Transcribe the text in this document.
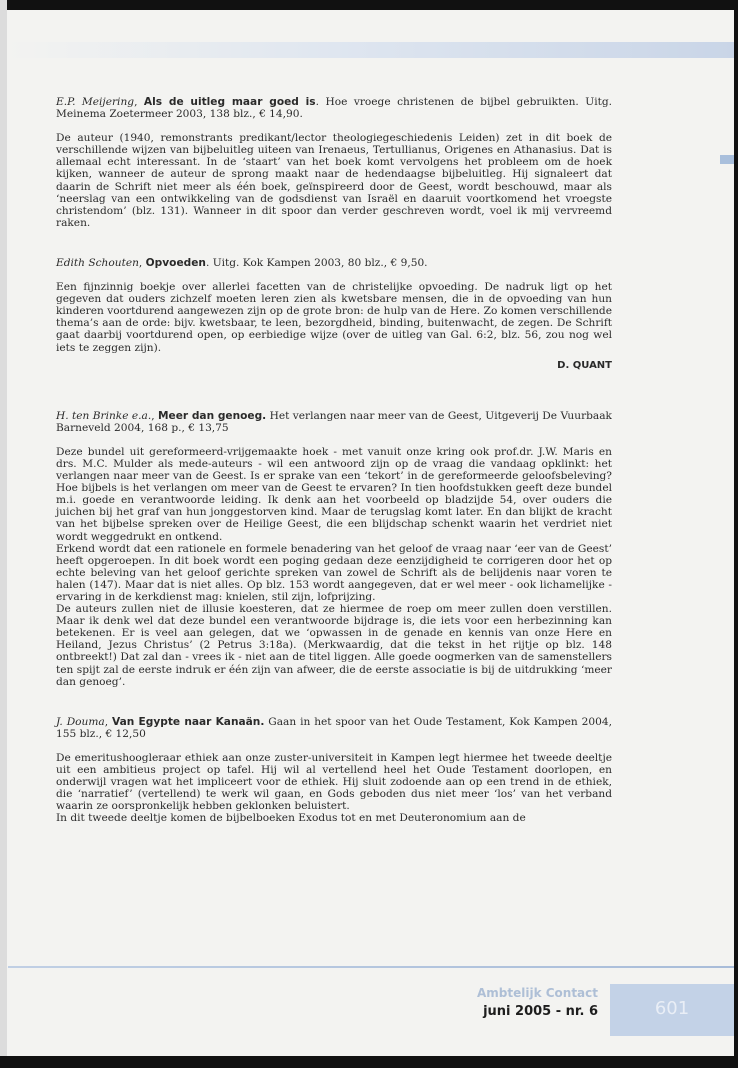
E.P. Meijering, Als de uitleg maar goed is. Hoe vroege christenen de bijbel gebruikten. Uitg. Meinema Zoetermeer 2003, 138 blz., € 14,90.

De auteur (1940, remonstrants predikant/lector theologiegeschiedenis Leiden) zet in dit boek de verschillende wijzen van bijbeluitleg uiteen van Irenaeus, Tertullianus, Origenes en Athanasius. Dat is allemaal echt interessant. In de ‘staart’ van het boek komt vervolgens het probleem om de hoek kijken, wanneer de auteur de sprong maakt naar de hedendaagse bijbeluitleg. Hij signaleert dat daarin de Schrift niet meer als één boek, geïnspireerd door de Geest, wordt beschouwd, maar als ‘neerslag van een ontwikkeling van de godsdienst van Israël en daaruit voortkomend het vroegste christendom’ (blz. 131). Wanneer in dit spoor dan verder geschreven wordt, voel ik mij vervreemd raken.

Edith Schouten, Opvoeden. Uitg. Kok Kampen 2003, 80 blz., € 9,50.

Een fijnzinnig boekje over allerlei facetten van de christelijke opvoeding. De nadruk ligt op het gegeven dat ouders zichzelf moeten leren zien als kwetsbare mensen, die in de opvoeding van hun kinderen voortdurend aangewezen zijn op de grote bron: de hulp van de Here. Zo komen verschillende thema’s aan de orde: bijv. kwetsbaar, te leen, bezorgdheid, binding, buitenwacht, de zegen. De Schrift gaat daarbij voortdurend open, op eerbiedige wijze (over de uitleg van Gal. 6:2, blz. 56, zou nog wel iets te zeggen zijn).

D. QUANT

H. ten Brinke e.a., Meer dan genoeg. Het verlangen naar meer van de Geest, Uitgeverij De Vuurbaak Barneveld 2004, 168 p., € 13,75

Deze bundel uit gereformeerd-vrijgemaakte hoek - met vanuit onze kring ook prof.dr. J.W. Maris en drs. M.C. Mulder als mede-auteurs - wil een antwoord zijn op de vraag die vandaag opklinkt: het verlangen naar meer van de Geest. Is er sprake van een ‘tekort’ in de gereformeerde geloofsbeleving? Hoe bijbels is het verlangen om meer van de Geest te ervaren? In tien hoofdstukken geeft deze bundel m.i. goede en verantwoorde leiding. Ik denk aan het voorbeeld op bladzijde 54, over ouders die juichen bij het graf van hun jonggestorven kind. Maar de terugslag komt later. En dan blijkt de kracht van het bijbelse spreken over de Heilige Geest, die een blijdschap schenkt waarin het verdriet niet wordt weggedrukt en ontkend.

Erkend wordt dat een rationele en formele benadering van het geloof de vraag naar ‘eer van de Geest’ heeft opgeroepen. In dit boek wordt een poging gedaan deze eenzijdigheid te corrigeren door het op echte beleving van het geloof gerichte spreken van zowel de Schrift als de belijdenis naar voren te halen (147). Maar dat is niet alles. Op blz. 153 wordt aangegeven, dat er wel meer - ook lichamelijke - ervaring in de kerkdienst mag: knielen, stil zijn, lofprijzing.

De auteurs zullen niet de illusie koesteren, dat ze hiermee de roep om meer zullen doen verstillen. Maar ik denk wel dat deze bundel een verantwoorde bijdrage is, die iets voor een herbezinning kan betekenen. Er is veel aan gelegen, dat we ‘opwassen in de genade en kennis van onze Here en Heiland, Jezus Christus’ (2 Petrus 3:18a). (Merkwaardig, dat die tekst in het rijtje op blz. 148 ontbreekt!) Dat zal dan - vrees ik - niet aan de titel liggen. Alle goede oogmerken van de samenstellers ten spijt zal de eerste indruk er één zijn van afweer, die de eerste associatie is bij de uitdrukking ‘meer dan genoeg’.

J. Douma, Van Egypte naar Kanaän. Gaan in het spoor van het Oude Testament, Kok Kampen 2004, 155 blz., € 12,50

De emeritushoogleraar ethiek aan onze zuster-universiteit in Kampen legt hiermee het tweede deeltje uit een ambitieus project op tafel. Hij wil al vertellend heel het Oude Testament doorlopen, en onderwijl vragen wat het impliceert voor de ethiek. Hij sluit zodoende aan op een trend in de ethiek, die ‘narratief’ (vertellend) te werk wil gaan, en Gods geboden dus niet meer ‘los’ van het verband waarin ze oorspronkelijk hebben geklonken beluistert.

In dit tweede deeltje komen de bijbelboeken Exodus tot en met Deuteronomium aan de

Ambtelijk Contact
juni 2005 - nr. 6	601
